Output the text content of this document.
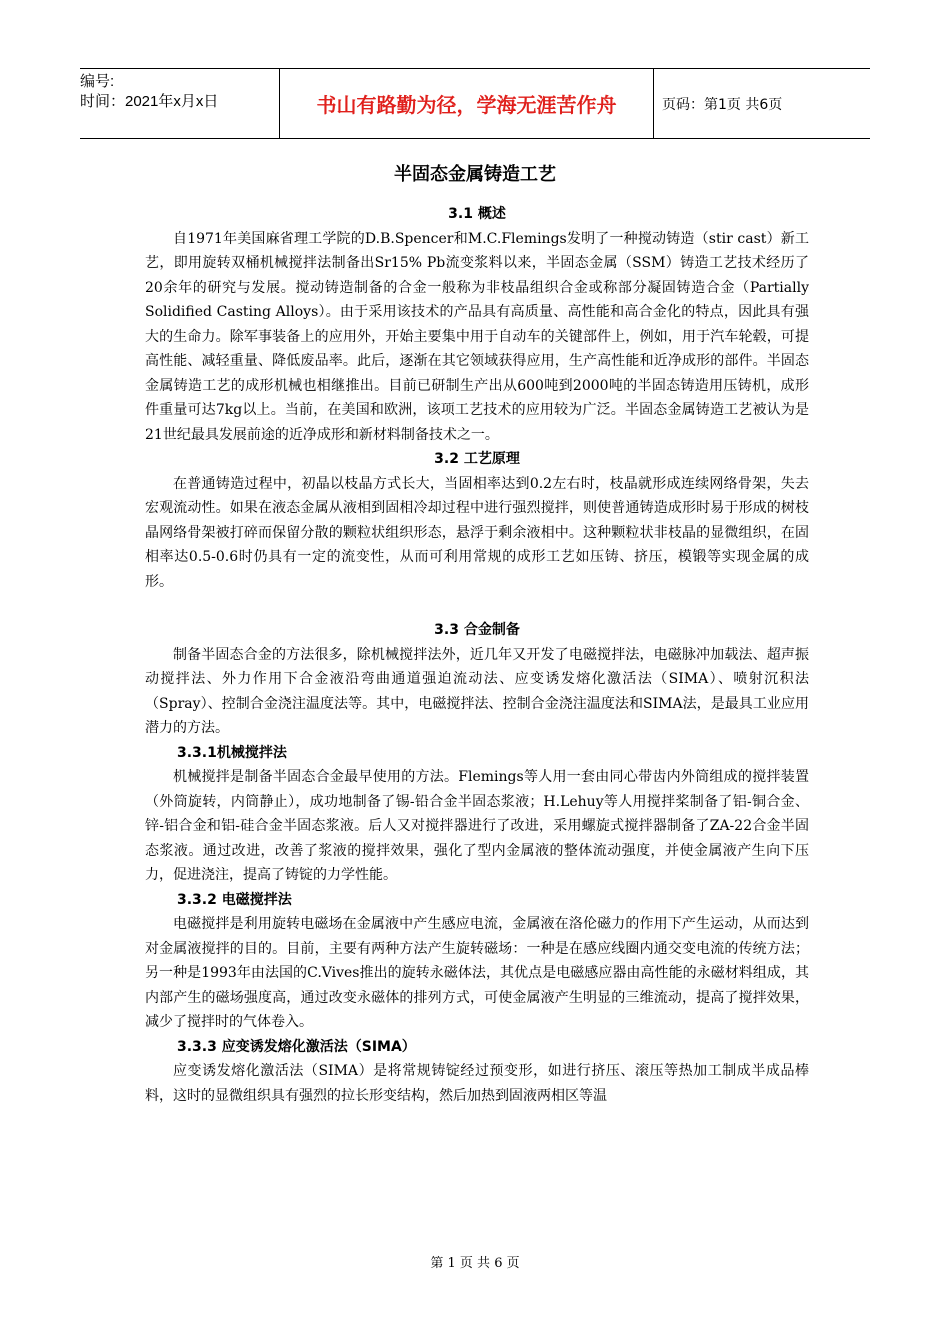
编号:
时间：2021年x月x日	书山有路勤为径，学海无涯苦作舟	页码：第1页 共6页
半固态金属铸造工艺
3.1 概述

自1971年美国麻省理工学院的D.B.Spencer和M.C.Flemings发明了一种搅动铸造（stir cast）新工艺，即用旋转双桶机械搅拌法制备出Sr15% Pb流变浆料以来，半固态金属（SSM）铸造工艺技术经历了20余年的研究与发展。搅动铸造制备的合金一般称为非枝晶组织合金或称部分凝固铸造合金（Partially Solidified Casting Alloys）。由于采用该技术的产品具有高质量、高性能和高合金化的特点，因此具有强大的生命力。除军事装备上的应用外，开始主要集中用于自动车的关键部件上，例如，用于汽车轮毂，可提高性能、减轻重量、降低废品率。此后，逐渐在其它领域获得应用，生产高性能和近净成形的部件。半固态金属铸造工艺的成形机械也相继推出。目前已研制生产出从600吨到2000吨的半固态铸造用压铸机，成形件重量可达7kg以上。当前，在美国和欧洲，该项工艺技术的应用较为广泛。半固态金属铸造工艺被认为是21世纪最具发展前途的近净成形和新材料制备技术之一。

3.2 工艺原理

在普通铸造过程中，初晶以枝晶方式长大，当固相率达到0.2左右时，枝晶就形成连续网络骨架，失去宏观流动性。如果在液态金属从液相到固相冷却过程中进行强烈搅拌，则使普通铸造成形时易于形成的树枝晶网络骨架被打碎而保留分散的颗粒状组织形态，悬浮于剩余液相中。这种颗粒状非枝晶的显微组织，在固相率达0.5-0.6时仍具有一定的流变性，从而可利用常规的成形工艺如压铸、挤压，模锻等实现金属的成形。

3.3 合金制备

制备半固态合金的方法很多，除机械搅拌法外，近几年又开发了电磁搅拌法，电磁脉冲加载法、超声振动搅拌法、外力作用下合金液沿弯曲通道强迫流动法、应变诱发熔化激活法（SIMA）、喷射沉积法（Spray）、控制合金浇注温度法等。其中，电磁搅拌法、控制合金浇注温度法和SIMA法，是最具工业应用潜力的方法。

3.3.1机械搅拌法

机械搅拌是制备半固态合金最早使用的方法。Flemings等人用一套由同心带齿内外筒组成的搅拌装置（外筒旋转，内筒静止），成功地制备了锡-铅合金半固态浆液；H.Lehuy等人用搅拌桨制备了铝-铜合金、锌-铝合金和铝-硅合金半固态浆液。后人又对搅拌器进行了改进，采用螺旋式搅拌器制备了ZA-22合金半固态浆液。通过改进，改善了浆液的搅拌效果，强化了型内金属液的整体流动强度，并使金属液产生向下压力，促进浇注，提高了铸锭的力学性能。

3.3.2 电磁搅拌法

电磁搅拌是利用旋转电磁场在金属液中产生感应电流，金属液在洛伦磁力的作用下产生运动，从而达到对金属液搅拌的目的。目前，主要有两种方法产生旋转磁场：一种是在感应线圈内通交变电流的传统方法；另一种是1993年由法国的C.Vives推出的旋转永磁体法，其优点是电磁感应器由高性能的永磁材料组成，其内部产生的磁场强度高，通过改变永磁体的排列方式，可使金属液产生明显的三维流动，提高了搅拌效果，减少了搅拌时的气体卷入。

3.3.3 应变诱发熔化激活法（SIMA）

应变诱发熔化激活法（SIMA）是将常规铸锭经过预变形，如进行挤压、滚压等热加工制成半成品棒料，这时的显微组织具有强烈的拉长形变结构，然后加热到固液两相区等温

第 1 页 共 6 页
